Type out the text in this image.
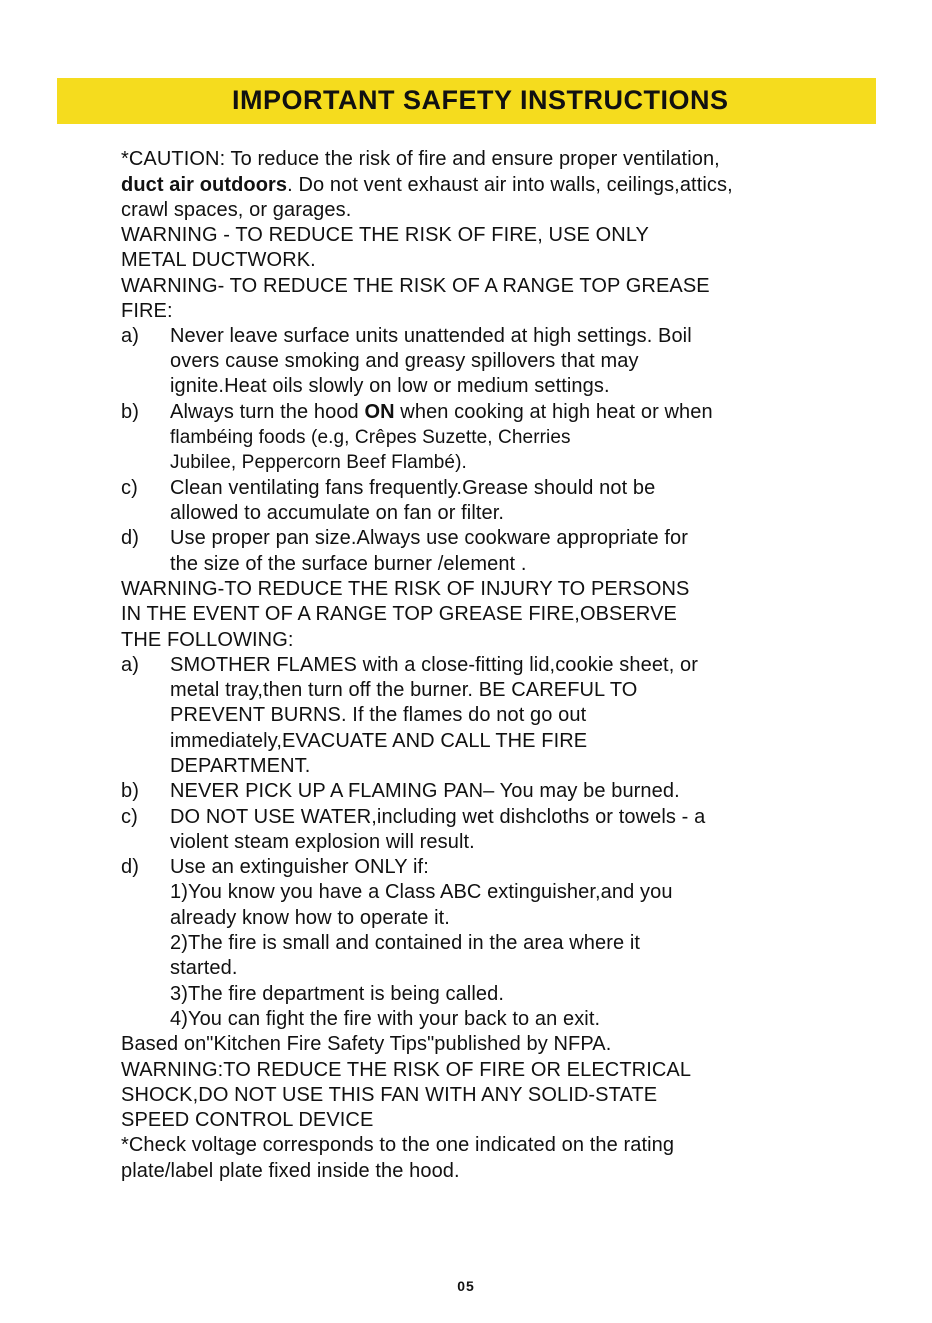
IMPORTANT SAFETY INSTRUCTIONS
*CAUTION: To reduce the risk of fire and ensure proper ventilation,
duct air outdoors. Do not vent exhaust air into walls, ceilings,attics,
crawl spaces, or garages.
WARNING - TO REDUCE THE RISK OF FIRE, USE ONLY
METAL DUCTWORK.
WARNING- TO REDUCE THE RISK OF A RANGE TOP GREASE
FIRE:
a) Never leave surface units unattended at high settings. Boil
overs cause smoking and greasy spillovers that may
ignite.Heat oils slowly on low or medium settings.
b) Always turn the hood ON when cooking at high heat or when
flambéing foods (e.g, Crêpes Suzette, Cherries
Jubilee, Peppercorn Beef Flambé).
c) Clean ventilating fans frequently.Grease should not be
allowed to accumulate on fan or filter.
d) Use proper pan size.Always use cookware appropriate for
the size of the surface burner /element .
WARNING-TO REDUCE THE RISK OF INJURY TO PERSONS
IN THE EVENT OF A RANGE TOP GREASE FIRE,OBSERVE
THE FOLLOWING:
a) SMOTHER FLAMES with a close-fitting lid,cookie sheet, or
metal tray,then turn off the burner. BE CAREFUL TO
PREVENT BURNS. If the flames do not go out
immediately,EVACUATE AND CALL THE FIRE
DEPARTMENT.
b) NEVER PICK UP A FLAMING PAN– You may be burned.
c) DO NOT USE WATER,including wet dishcloths or towels - a
violent steam explosion will result.
d) Use an extinguisher ONLY if:
1)You know you have a Class ABC extinguisher,and you
already know how to operate it.
2)The fire is small and contained in the area where it
started.
3)The fire department is being called.
4)You can fight the fire with your back to an exit.
Based on"Kitchen Fire Safety Tips"published by NFPA.
WARNING:TO REDUCE THE RISK OF FIRE OR ELECTRICAL
SHOCK,DO NOT USE THIS FAN WITH ANY SOLID-STATE
SPEED CONTROL DEVICE
*Check voltage corresponds to the one indicated on the rating
plate/label plate fixed inside the hood.
05
